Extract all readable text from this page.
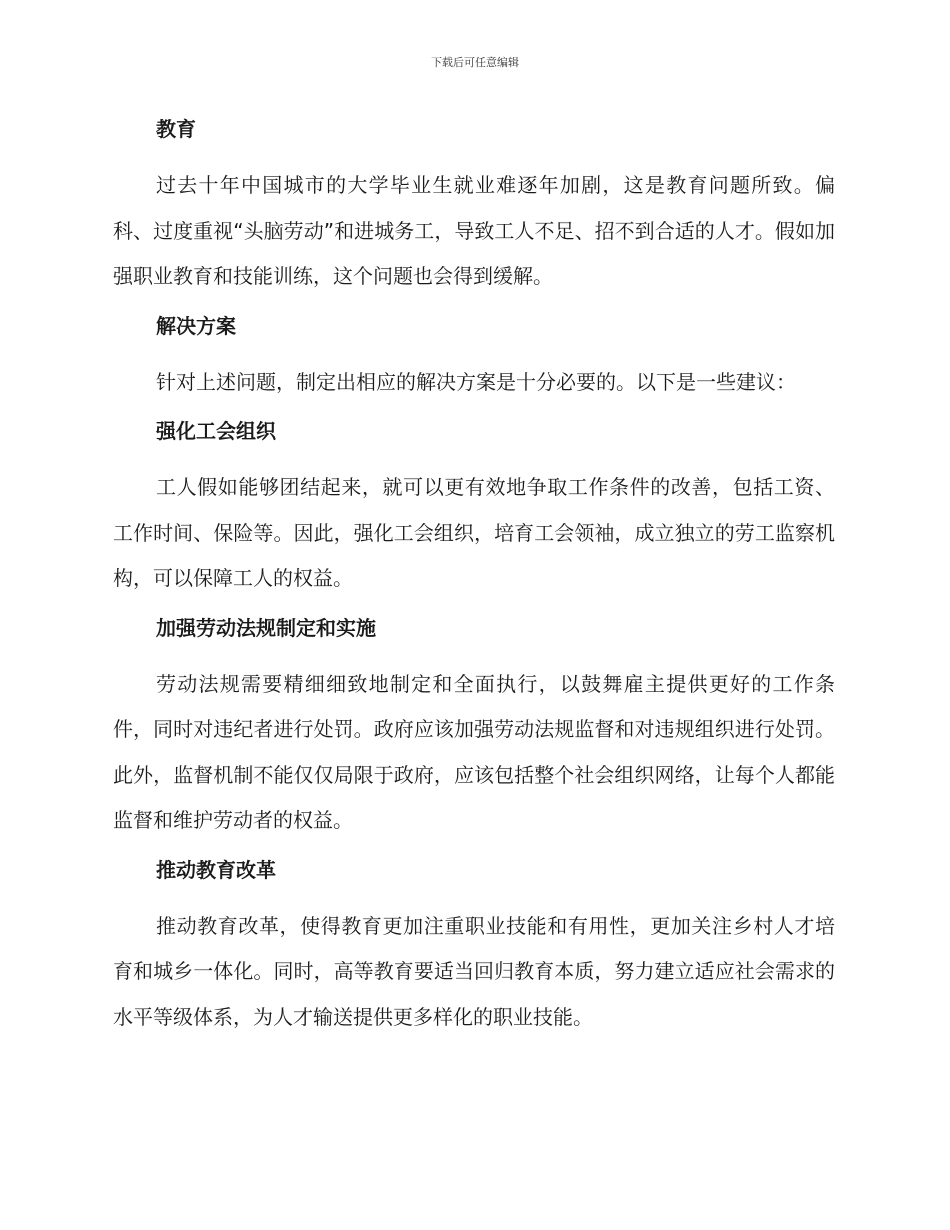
下载后可任意编辑
教育

过去十年中国城市的大学毕业生就业难逐年加剧，这是教育问题所致。偏科、过度重视“头脑劳动”和进城务工，导致工人不足、招不到合适的人才。假如加强职业教育和技能训练，这个问题也会得到缓解。

解决方案

针对上述问题，制定出相应的解决方案是十分必要的。以下是一些建议：

强化工会组织

工人假如能够团结起来，就可以更有效地争取工作条件的改善，包括工资、工作时间、保险等。因此，强化工会组织，培育工会领袖，成立独立的劳工监察机构，可以保障工人的权益。

加强劳动法规制定和实施

劳动法规需要精细细致地制定和全面执行，以鼓舞雇主提供更好的工作条件，同时对违纪者进行处罚。政府应该加强劳动法规监督和对违规组织进行处罚。此外，监督机制不能仅仅局限于政府，应该包括整个社会组织网络，让每个人都能监督和维护劳动者的权益。

推动教育改革

推动教育改革，使得教育更加注重职业技能和有用性，更加关注乡村人才培育和城乡一体化。同时，高等教育要适当回归教育本质，努力建立适应社会需求的水平等级体系，为人才输送提供更多样化的职业技能。
